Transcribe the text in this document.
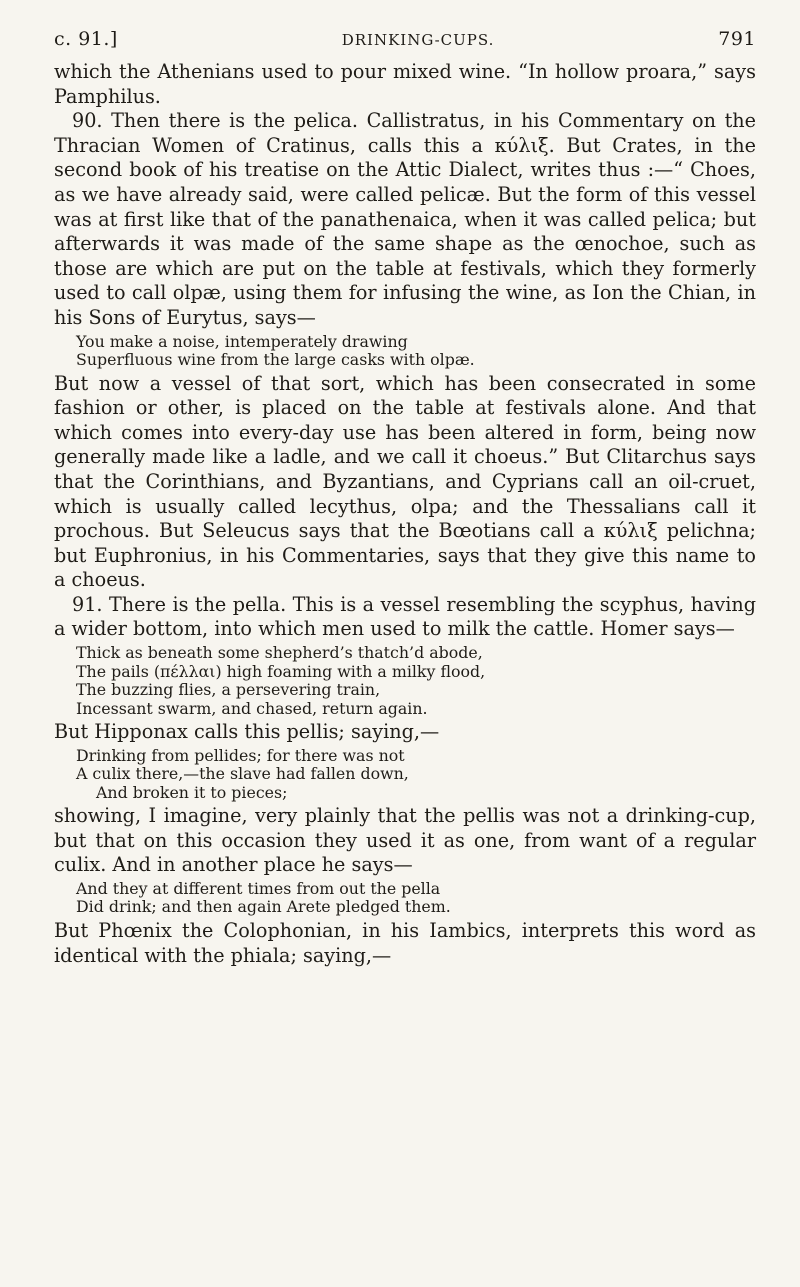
c. 91.]	DRINKING-CUPS.	791

which the Athenians used to pour mixed wine. “In hollow proara,” says Pamphilus.

90. Then there is the pelica. Callistratus, in his Commentary on the Thracian Women of Cratinus, calls this a κύλιξ. But Crates, in the second book of his treatise on the Attic Dialect, writes thus :—“ Choes, as we have already said, were called pelicæ. But the form of this vessel was at first like that of the panathenaica, when it was called pelica; but afterwards it was made of the same shape as the œnochoe, such as those are which are put on the table at festivals, which they formerly used to call olpæ, using them for infusing the wine, as Ion the Chian, in his Sons of Eurytus, says—

You make a noise, intemperately drawing
Superfluous wine from the large casks with olpæ.

But now a vessel of that sort, which has been consecrated in some fashion or other, is placed on the table at festivals alone. And that which comes into every-day use has been altered in form, being now generally made like a ladle, and we call it choeus.” But Clitarchus says that the Corinthians, and Byzantians, and Cyprians call an oil-cruet, which is usually called lecythus, olpa; and the Thessalians call it prochous. But Seleucus says that the Bœotians call a κύλιξ pelichna; but Euphronius, in his Commentaries, says that they give this name to a choeus.

91. There is the pella. This is a vessel resembling the scyphus, having a wider bottom, into which men used to milk the cattle. Homer says—

Thick as beneath some shepherd’s thatch’d abode,
The pails (πέλλαι) high foaming with a milky flood,
The buzzing flies, a persevering train,
Incessant swarm, and chased, return again.

But Hipponax calls this pellis; saying,—

Drinking from pellides; for there was not
A culix there,—the slave had fallen down,
And broken it to pieces;

showing, I imagine, very plainly that the pellis was not a drinking-cup, but that on this occasion they used it as one, from want of a regular culix. And in another place he says—

And they at different times from out the pella
Did drink; and then again Arete pledged them.

But Phœnix the Colophonian, in his Iambics, interprets this word as identical with the phiala; saying,—
